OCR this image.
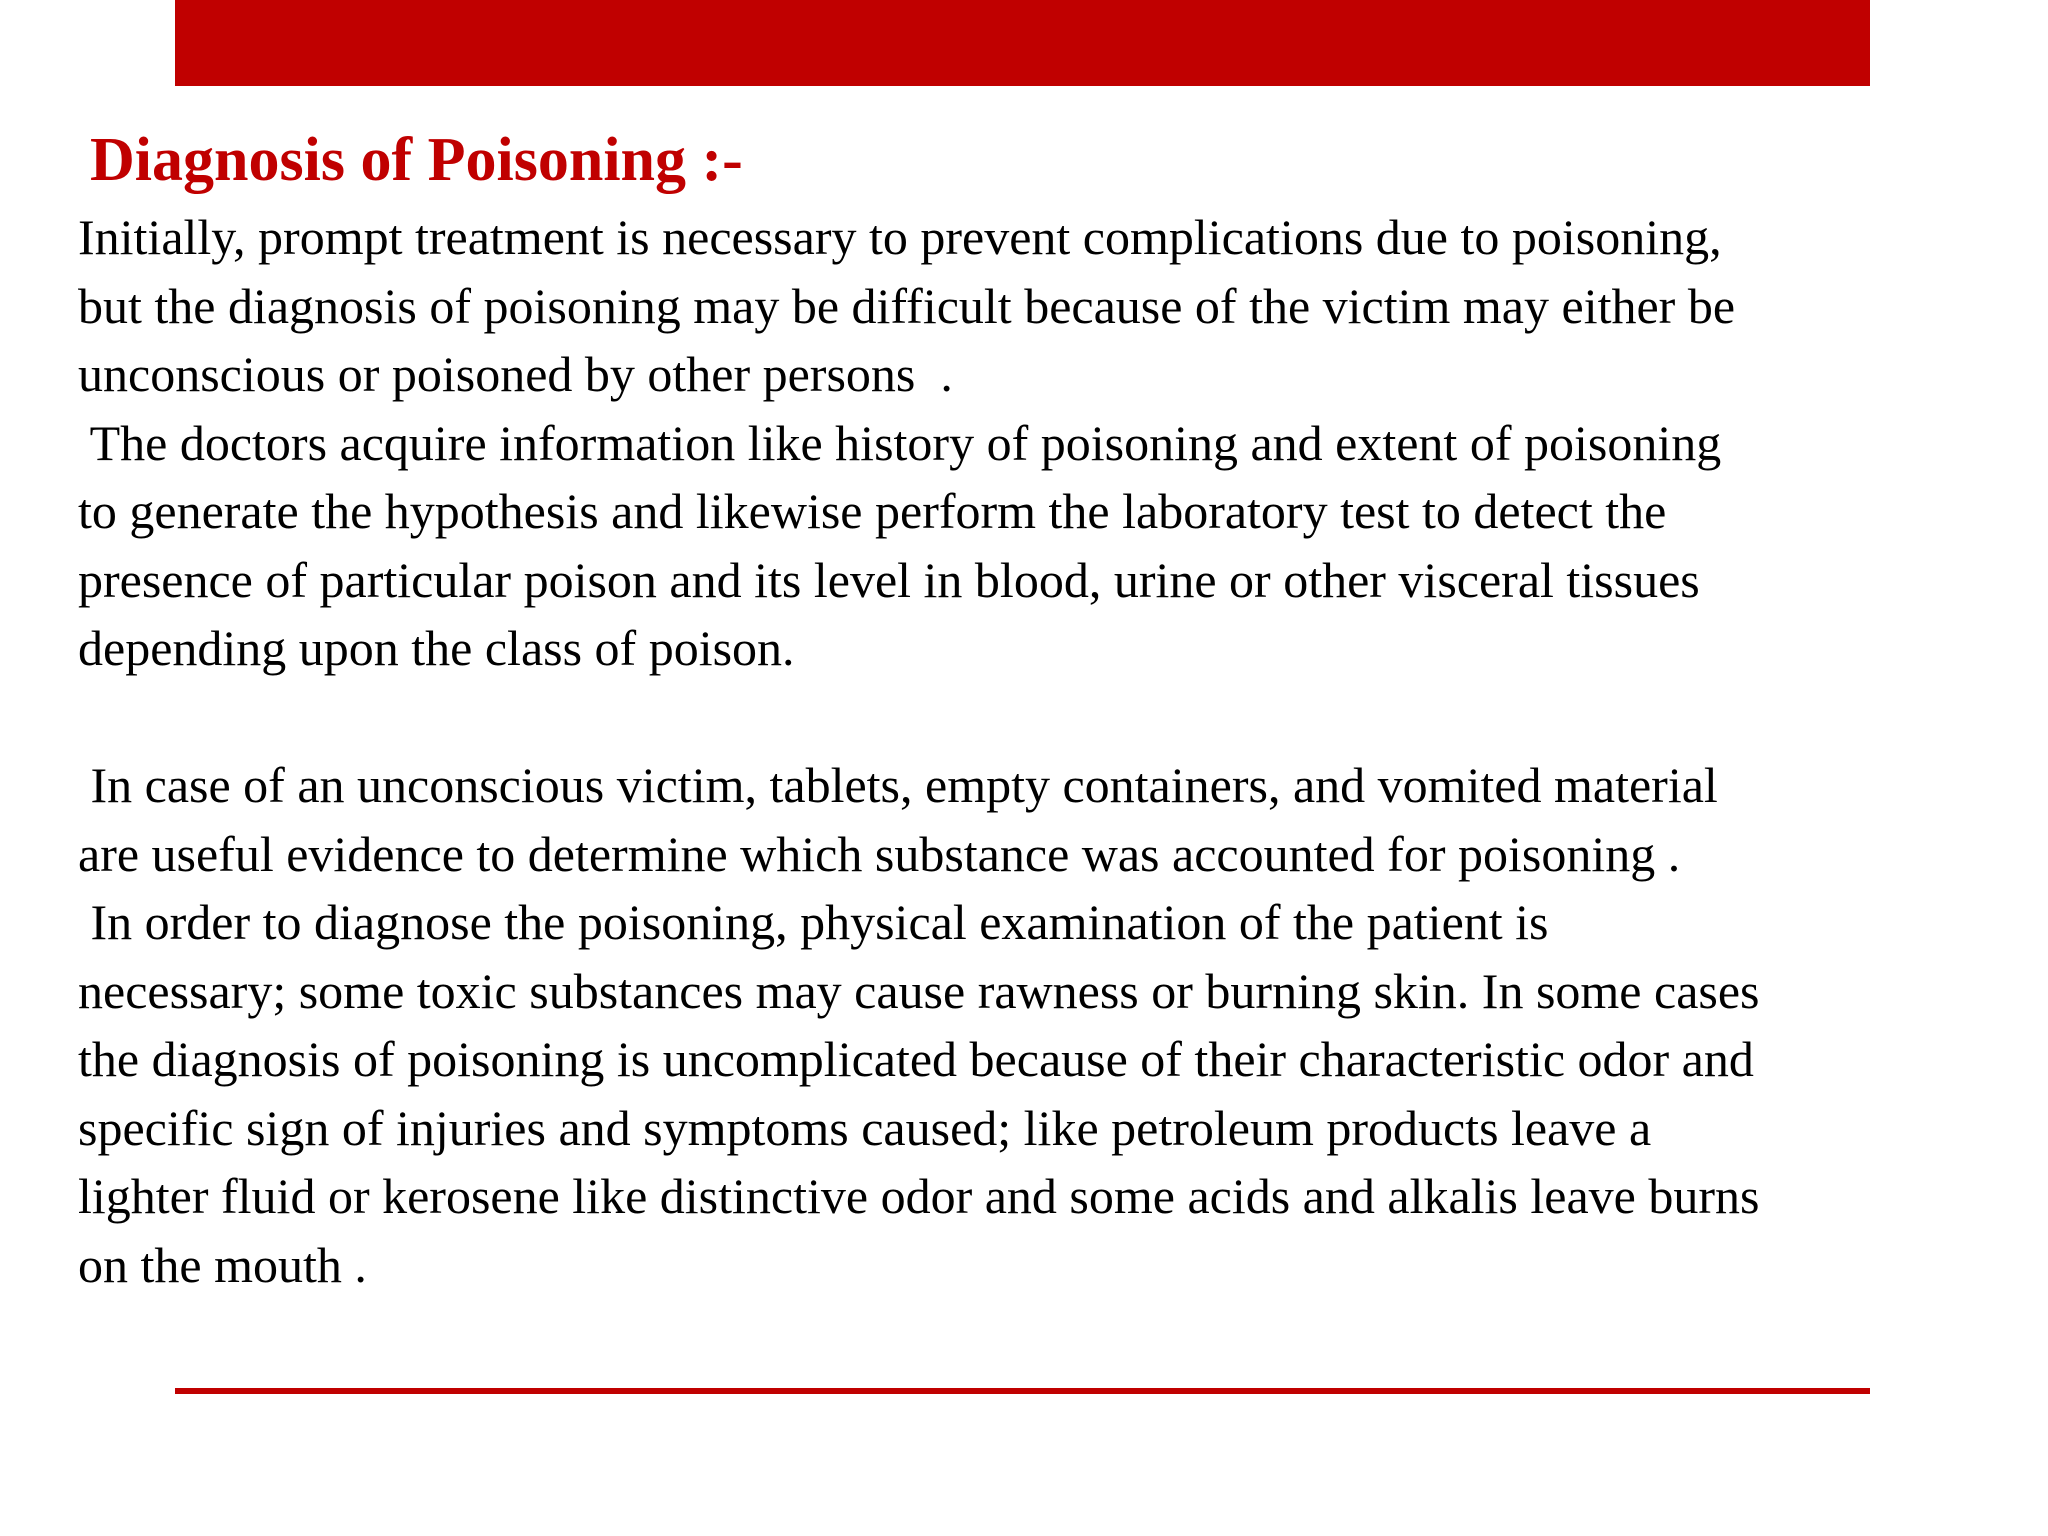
Diagnosis of Poisoning :-
Initially, prompt treatment is necessary to prevent complications due to poisoning,
but the diagnosis of poisoning may be difficult because of the victim may either be
unconscious or poisoned by other persons  .
The doctors acquire information like history of poisoning and extent of poisoning
to generate the hypothesis and likewise perform the laboratory test to detect the
presence of particular poison and its level in blood, urine or other visceral tissues
depending upon the class of poison.
In case of an unconscious victim, tablets, empty containers, and vomited material
are useful evidence to determine which substance was accounted for poisoning .
In order to diagnose the poisoning, physical examination of the patient is
necessary; some toxic substances may cause rawness or burning skin. In some cases
the diagnosis of poisoning is uncomplicated because of their characteristic odor and
specific sign of injuries and symptoms caused; like petroleum products leave a
lighter fluid or kerosene like distinctive odor and some acids and alkalis leave burns
on the mouth .
